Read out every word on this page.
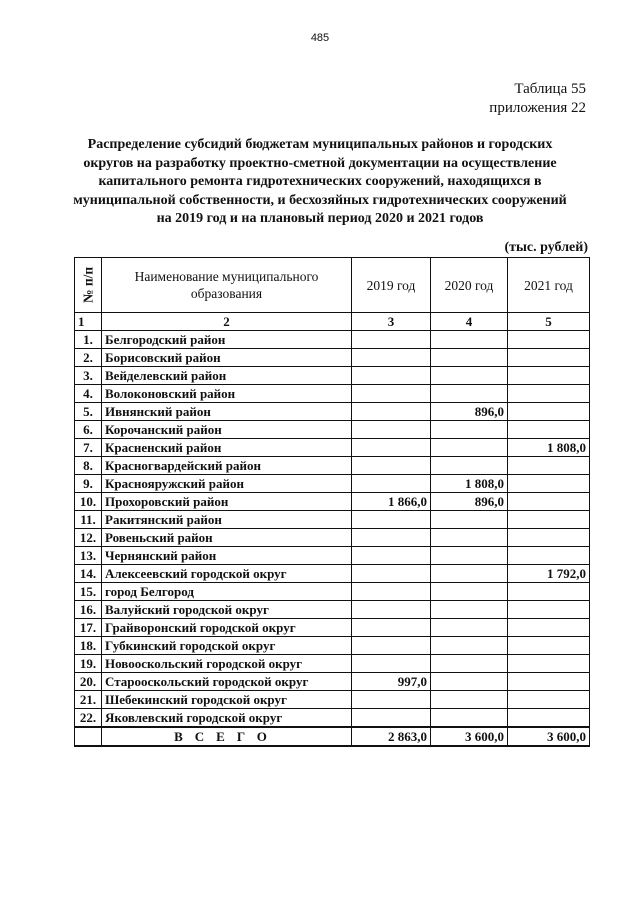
485
Таблица 55
приложения 22
Распределение субсидий бюджетам муниципальных районов и городских
округов на разработку проектно-сметной документации на осуществление
капитального ремонта гидротехнических сооружений, находящихся в
муниципальной собственности, и бесхозяйных гидротехнических сооружений
на 2019 год и на плановый период 2020 и 2021 годов
(тыс. рублей)
№ п/п	Наименование муниципального образования	2019 год	2020 год	2021 год
1	2	3	4	5
1.	Белгородский район			
2.	Борисовский район			
3.	Вейделевский район			
4.	Волоконовский район			
5.	Ивнянский район		896,0	
6.	Корочанский район			
7.	Красненский район			1 808,0
8.	Красногвардейский район			
9.	Краснояружский район		1 808,0	
10.	Прохоровский район	1 866,0	896,0	
11.	Ракитянский район			
12.	Ровеньский район			
13.	Чернянский район			
14.	Алексеевский городской округ			1 792,0
15.	город Белгород			
16.	Валуйский городской округ			
17.	Грайворонский городской округ			
18.	Губкинский городской округ			
19.	Новооскольский городской округ			
20.	Старооскольский городской округ	997,0		
21.	Шебекинский городской округ			
22.	Яковлевский городской округ			
	ВСЕГО	2 863,0	3 600,0	3 600,0
